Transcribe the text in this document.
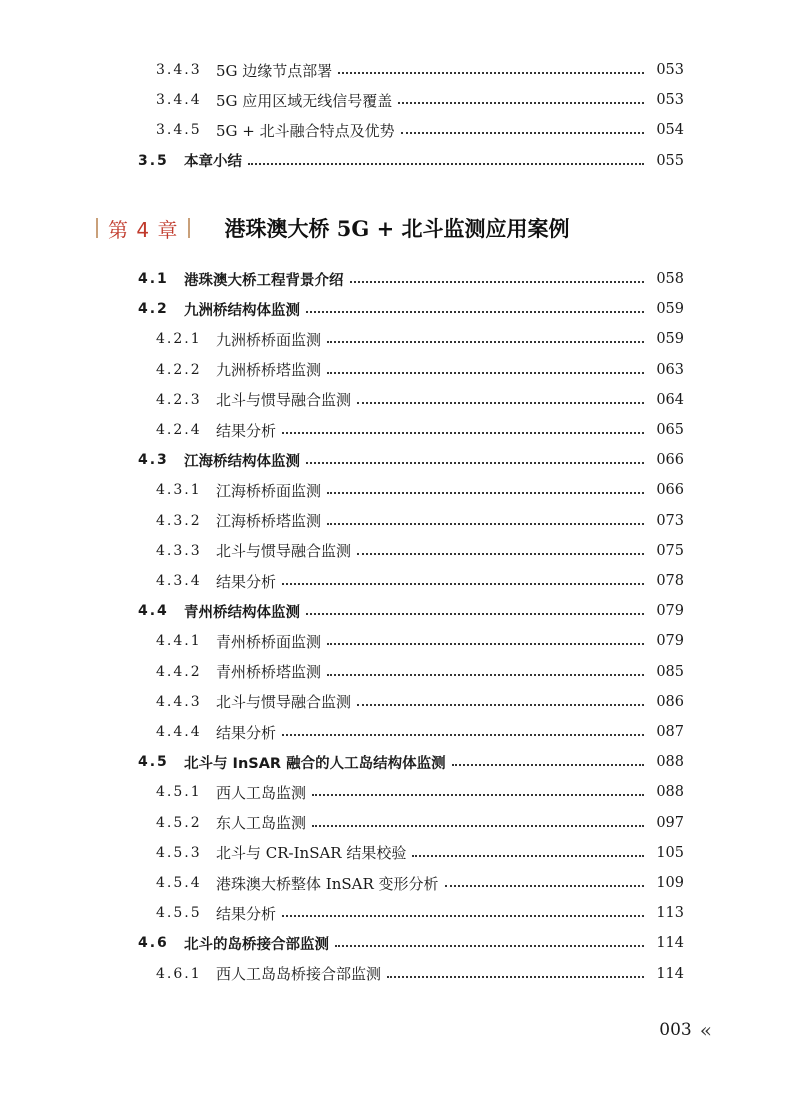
3.4.3 5G 边缘节点部署	053
3.4.4 5G 应用区域无线信号覆盖	053
3.4.5 5G + 北斗融合特点及优势	054
3.5	本章小结	055
第 4 章 港珠澳大桥 5G + 北斗监测应用案例
4.1	港珠澳大桥工程背景介绍	058
4.2	九洲桥结构体监测	059
4.2.1 九洲桥桥面监测	059
4.2.2 九洲桥桥塔监测	063
4.2.3 北斗与惯导融合监测	064
4.2.4 结果分析	065
4.3	江海桥结构体监测	066
4.3.1 江海桥桥面监测	066
4.3.2 江海桥桥塔监测	073
4.3.3 北斗与惯导融合监测	075
4.3.4 结果分析	078
4.4	青州桥结构体监测	079
4.4.1 青州桥桥面监测	079
4.4.2 青州桥桥塔监测	085
4.4.3 北斗与惯导融合监测	086
4.4.4 结果分析	087
4.5	北斗与 InSAR 融合的人工岛结构体监测	088
4.5.1 西人工岛监测	088
4.5.2 东人工岛监测	097
4.5.3 北斗与 CR-InSAR 结果校验	105
4.5.4 港珠澳大桥整体 InSAR 变形分析	109
4.5.5 结果分析	113
4.6	北斗的岛桥接合部监测	114
4.6.1 西人工岛岛桥接合部监测	114
003 «
